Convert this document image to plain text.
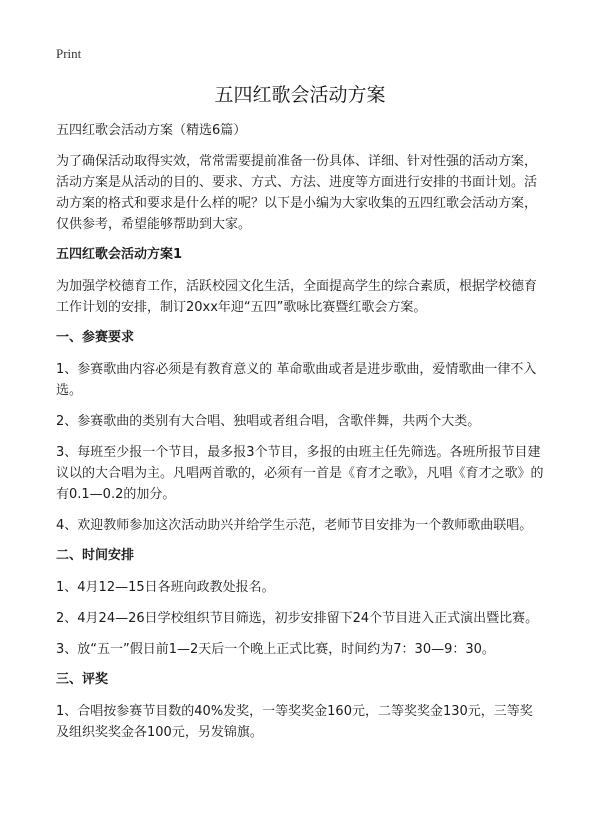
Print
五四红歌会活动方案
五四红歌会活动方案（精选6篇）

为了确保活动取得实效，常常需要提前准备一份具体、详细、针对性强的活动方案，活动方案是从活动的目的、要求、方式、方法、进度等方面进行安排的书面计划。活动方案的格式和要求是什么样的呢？以下是小编为大家收集的五四红歌会活动方案，仅供参考，希望能够帮助到大家。

五四红歌会活动方案1

为加强学校德育工作，活跃校园文化生活，全面提高学生的综合素质，根据学校德育工作计划的安排，制订20xx年迎“五四”歌咏比赛暨红歌会方案。

一、参赛要求

1、参赛歌曲内容必须是有教育意义的 革命歌曲或者是进步歌曲，爱情歌曲一律不入选。

2、参赛歌曲的类别有大合唱、独唱或者组合唱，含歌伴舞，共两个大类。

3、每班至少报一个节目，最多报3个节目，多报的由班主任先筛选。各班所报节目建议以的大合唱为主。凡唱两首歌的，必须有一首是《育才之歌》，凡唱《育才之歌》的有0.1—0.2的加分。

4、欢迎教师参加这次活动助兴并给学生示范，老师节目安排为一个教师歌曲联唱。

二、时间安排

1、4月12—15日各班向政教处报名。

2、4月24—26日学校组织节目筛选，初步安排留下24个节目进入正式演出暨比赛。

3、放“五一”假日前1—2天后一个晚上正式比赛，时间约为7：30—9：30。

三、评奖

1、合唱按参赛节目数的40%发奖，一等奖奖金160元，二等奖奖金130元，三等奖及组织奖奖金各100元，另发锦旗。
